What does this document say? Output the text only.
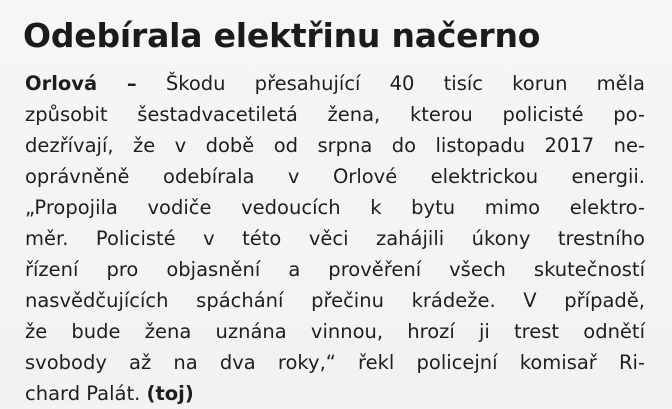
Odebírala elektřinu načerno
Orlová – Škodu přesahující 40 tisíc korun měla
způsobit šestadvacetiletá žena, kterou policisté po-
dezřívají, že v době od srpna do listopadu 2017 ne-
oprávněně odebírala v Orlové elektrickou energii.
„Propojila vodiče vedoucích k bytu mimo elektro-
měr. Policisté v této věci zahájili úkony trestního
řízení pro objasnění a prověření všech skutečností
nasvědčujících spáchání přečinu krádeže. V případě,
že bude žena uznána vinnou, hrozí ji trest odnětí
svobody až na dva roky,“ řekl policejní komisař Ri-
chard Palát. (toj)
